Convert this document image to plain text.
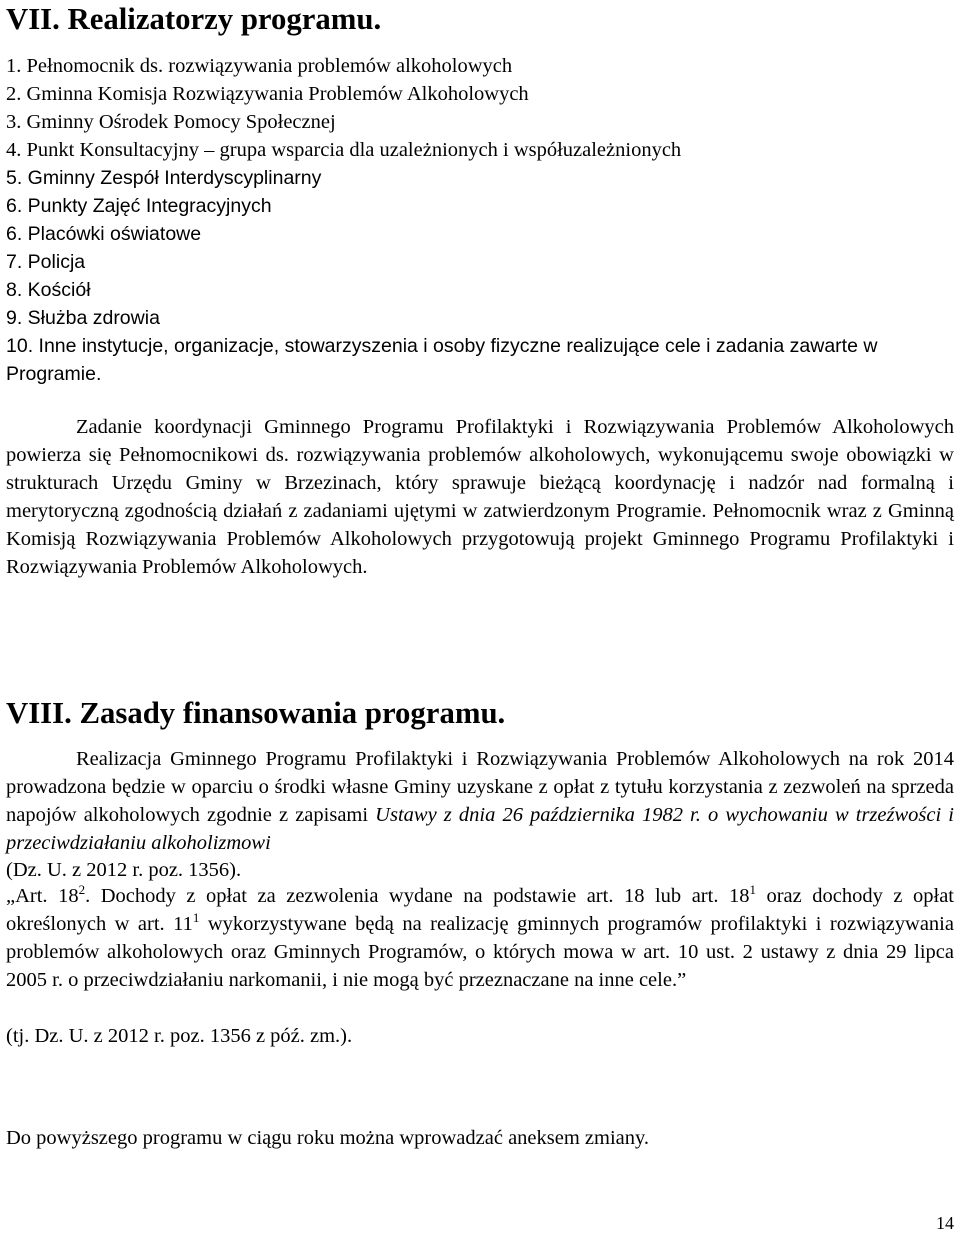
VII. Realizatorzy programu.
1. Pełnomocnik ds. rozwiązywania problemów alkoholowych
2. Gminna Komisja Rozwiązywania Problemów Alkoholowych
3. Gminny Ośrodek Pomocy Społecznej
4. Punkt Konsultacyjny – grupa wsparcia dla uzależnionych i współuzależnionych
5. Gminny Zespół Interdyscyplinarny
6. Punkty Zajęć Integracyjnych
6. Placówki oświatowe
7. Policja
8. Kościół
9. Służba zdrowia
10. Inne instytucje, organizacje, stowarzyszenia i osoby fizyczne realizujące cele i zadania zawarte w Programie.

Zadanie koordynacji Gminnego Programu Profilaktyki i Rozwiązywania Problemów Alkoholowych powierza się Pełnomocnikowi ds. rozwiązywania problemów alkoholowych, wykonującemu swoje obowiązki w strukturach Urzędu Gminy w Brzezinach, który sprawuje bieżącą koordynację i nadzór nad formalną i merytoryczną zgodnością działań z zadaniami ujętymi w zatwierdzonym Programie. Pełnomocnik wraz z Gminną Komisją Rozwiązywania Problemów Alkoholowych przygotowują projekt Gminnego Programu Profilaktyki i Rozwiązywania Problemów Alkoholowych.

VIII. Zasady finansowania programu.

Realizacja Gminnego Programu Profilaktyki i Rozwiązywania Problemów Alkoholowych na rok 2014 prowadzona będzie w oparciu o środki własne Gminy uzyskane z opłat z tytułu korzystania z zezwoleń na sprzeda napojów alkoholowych zgodnie z zapisami Ustawy z dnia 26 października 1982 r. o wychowaniu w trzeźwości i przeciwdziałaniu alkoholizmowi

(Dz. U. z 2012 r. poz. 1356).
„Art. $18^2$. Dochody z opłat za zezwolenia wydane na podstawie art. 18 lub art. $18^1$ oraz dochody z opłat określonych w art. $11^1$ wykorzystywane będą na realizację gminnych programów profilaktyki i rozwiązywania problemów alkoholowych oraz Gminnych Programów, o których mowa w art. 10 ust. 2 ustawy z dnia 29 lipca 2005 r. o przeciwdziałaniu narkomanii, i nie mogą być przeznaczane na inne cele.”
(tj. Dz. U. z 2012 r. poz. 1356 z póź. zm.).
Do powyższego programu w ciągu roku można wprowadzać aneksem zmiany.
14
